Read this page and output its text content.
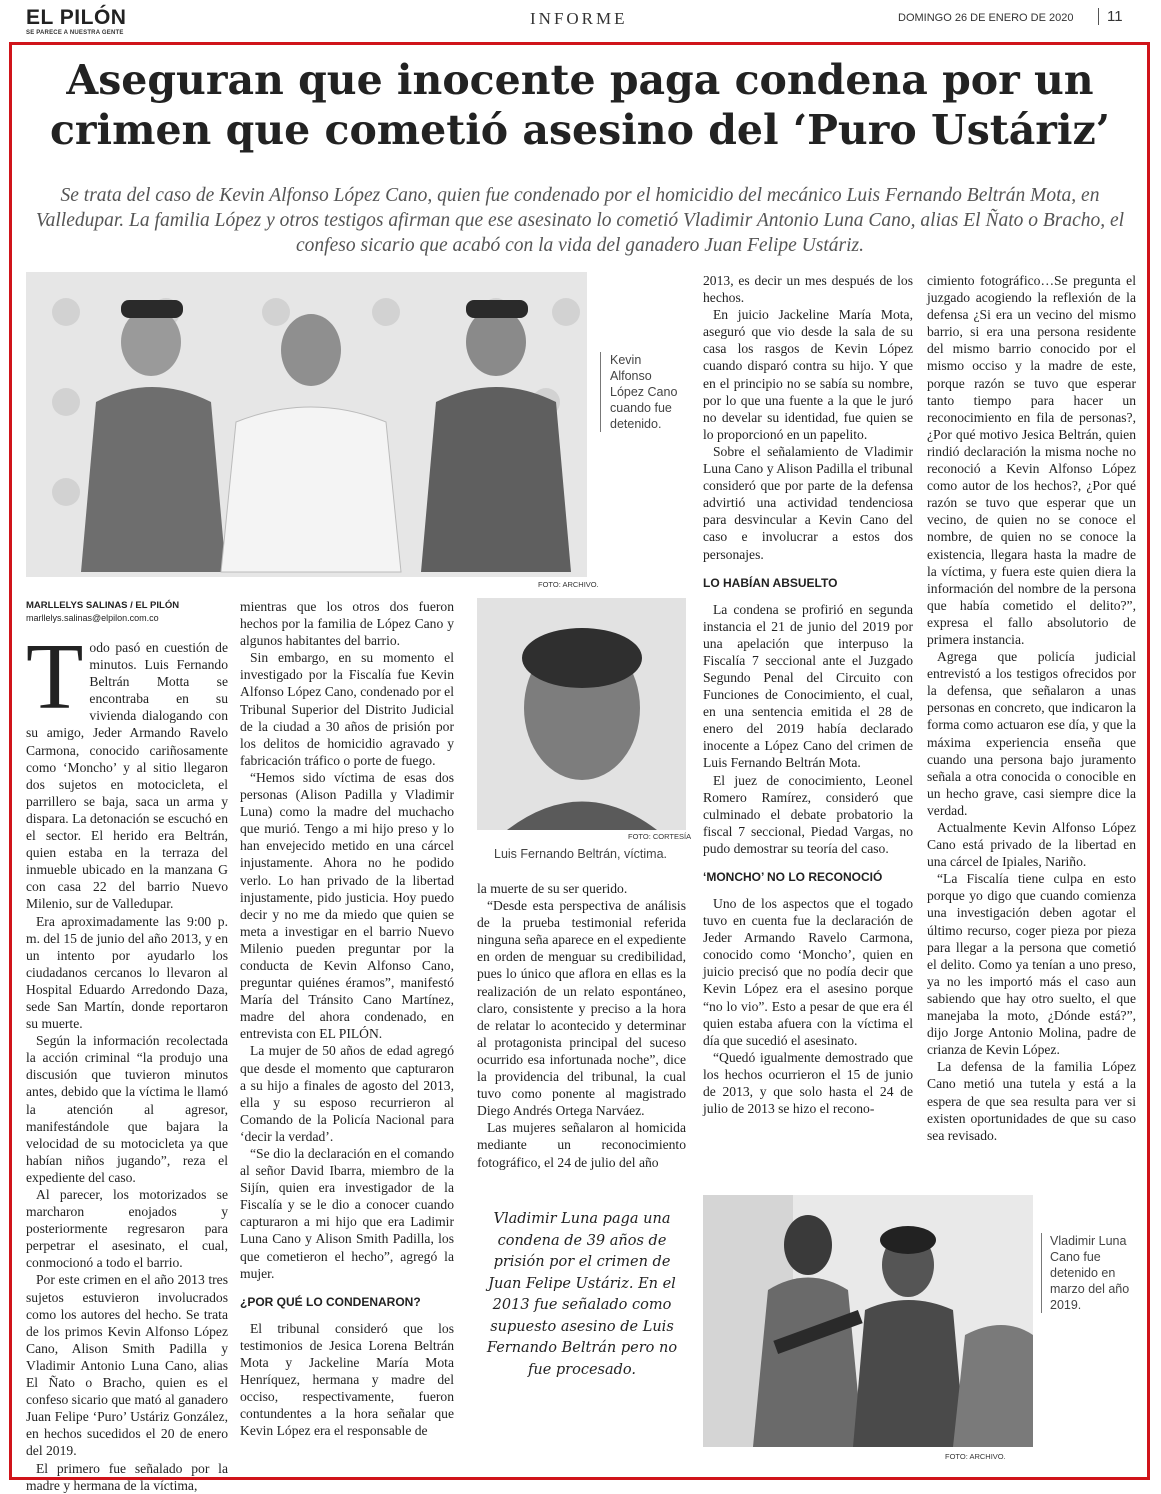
EL PILÓN
SE PARECE A NUESTRA GENTE
INFORME	DOMINGO 26 DE ENERO DE 2020	11
Aseguran que inocente paga condena por un crimen que cometió asesino del ‘Puro Ustáriz’
Se trata del caso de Kevin Alfonso López Cano, quien fue condenado por el homicidio del mecánico Luis Fernando Beltrán Mota, en Valledupar. La familia López y otros testigos afirman que ese asesinato lo cometió Vladimir Antonio Luna Cano, alias El Ñato o Bracho, el confeso sicario que acabó con la vida del ganadero Juan Felipe Ustáriz.
FOTO: ARCHIVO.
Kevin Alfonso López Cano cuando fue detenido.
MARLLELYS SALINAS / EL PILÓN
marllelys.salinas@elpilon.com.co
T odo pasó en cuestión de minutos. Luis Fernando Beltrán Motta se encontraba en su vivienda dialogando con su amigo, Jeder Armando Ravelo Carmona, conocido cariñosamente como ‘Moncho’ y al sitio llegaron dos sujetos en motocicleta, el parrillero se baja, saca un arma y dispara. La detonación se escuchó en el sector. El herido era Beltrán, quien estaba en la terraza del inmueble ubicado en la manzana G con casa 22 del barrio Nuevo Milenio, sur de Valledupar.

Era aproximadamente las 9:00 p. m. del 15 de junio del año 2013, y en un intento por ayudarlo los ciudadanos cercanos lo llevaron al Hospital Eduardo Arredondo Daza, sede San Martín, donde reportaron su muerte.

Según la información recolectada la acción criminal “la produjo una discusión que tuvieron minutos antes, debido que la víctima le llamó la atención al agresor, manifestándole que bajara la velocidad de su motocicleta ya que habían niños jugando”, reza el expediente del caso.

Al parecer, los motorizados se marcharon enojados y posteriormente regresaron para perpetrar el asesinato, el cual, conmocionó a todo el barrio.

Por este crimen en el año 2013 tres sujetos estuvieron involucrados como los autores del hecho. Se trata de los primos Kevin Alfonso López Cano, Alison Smith Padilla y Vladimir Antonio Luna Cano, alias El Ñato o Bracho, quien es el confeso sicario que mató al ganadero Juan Felipe ‘Puro’ Ustáriz González, en hechos sucedidos el 20 de enero del 2019.

El primero fue señalado por la madre y hermana de la víctima,

mientras que los otros dos fueron hechos por la familia de López Cano y algunos habitantes del barrio.

Sin embargo, en su momento el investigado por la Fiscalía fue Kevin Alfonso López Cano, condenado por el Tribunal Superior del Distrito Judicial de la ciudad a 30 años de prisión por los delitos de homicidio agravado y fabricación tráfico o porte de fuego.

“Hemos sido víctima de esas dos personas (Alison Padilla y Vladimir Luna) como la madre del muchacho que murió. Tengo a mi hijo preso y lo han envejecido metido en una cárcel injustamente. Ahora no he podido verlo. Lo han privado de la libertad injustamente, pido justicia. Hoy puedo decir y no me da miedo que quien se meta a investigar en el barrio Nuevo Milenio pueden preguntar por la conducta de Kevin Alfonso Cano, preguntar quiénes éramos”, manifestó María del Tránsito Cano Martínez, madre del ahora condenado, en entrevista con EL PILÓN.

La mujer de 50 años de edad agregó que desde el momento que capturaron a su hijo a finales de agosto del 2013, ella y su esposo recurrieron al Comando de la Policía Nacional para ‘decir la verdad’.

“Se dio la declaración en el comando al señor David Ibarra, miembro de la Sijín, quien era investigador de la Fiscalía y se le dio a conocer cuando capturaron a mi hijo que era Ladimir Luna Cano y Alison Smith Padilla, los que cometieron el hecho”, agregó la mujer.

¿POR QUÉ LO CONDENARON?

El tribunal consideró que los testimonios de Jesica Lorena Beltrán Mota y Jackeline María Mota Henríquez, hermana y madre del occiso, respectivamente, fueron contundentes a la hora señalar que Kevin López era el responsable de

FOTO: CORTESÍA
Luis Fernando Beltrán, víctima.

la muerte de su ser querido.

“Desde esta perspectiva de análisis de la prueba testimonial referida ninguna seña aparece en el expediente en orden de menguar su credibilidad, pues lo único que aflora en ellas es la realización de un relato espontáneo, claro, consistente y preciso a la hora de relatar lo acontecido y determinar al protagonista principal del suceso ocurrido esa infortunada noche”, dice la providencia del tribunal, la cual tuvo como ponente al magistrado Diego Andrés Ortega Narváez.

Las mujeres señalaron al homicida mediante un reconocimiento fotográfico, el 24 de julio del año

Vladimir Luna paga una condena de 39 años de prisión por el crimen de Juan Felipe Ustáriz. En el 2013 fue señalado como supuesto asesino de Luis Fernando Beltrán pero no fue procesado.

2013, es decir un mes después de los hechos.

En juicio Jackeline María Mota, aseguró que vio desde la sala de su casa los rasgos de Kevin López cuando disparó contra su hijo. Y que en el principio no se sabía su nombre, por lo que una fuente a la que le juró no develar su identidad, fue quien se lo proporcionó en un papelito.

Sobre el señalamiento de Vladimir Luna Cano y Alison Padilla el tribunal consideró que por parte de la defensa advirtió una actividad tendenciosa para desvincular a Kevin Cano del caso e involucrar a estos dos personajes.

LO HABÍAN ABSUELTO

La condena se profirió en segunda instancia el 21 de junio del 2019 por una apelación que interpuso la Fiscalía 7 seccional ante el Juzgado Segundo Penal del Circuito con Funciones de Conocimiento, el cual, en una sentencia emitida el 28 de enero del 2019 había declarado inocente a López Cano del crimen de Luis Fernando Beltrán Mota.

El juez de conocimiento, Leonel Romero Ramírez, consideró que culminado el debate probatorio la fiscal 7 seccional, Piedad Vargas, no pudo demostrar su teoría del caso.

‘MONCHO’ NO LO RECONOCIÓ

Uno de los aspectos que el togado tuvo en cuenta fue la declaración de Jeder Armando Ravelo Carmona, conocido como ‘Moncho’, quien en juicio precisó que no podía decir que Kevin López era el asesino porque “no lo vio”. Esto a pesar de que era él quien estaba afuera con la víctima el día que sucedió el asesinato.

“Quedó igualmente demostrado que los hechos ocurrieron el 15 de junio de 2013, y que solo hasta el 24 de julio de 2013 se hizo el recono-

cimiento fotográfico…Se pregunta el juzgado acogiendo la reflexión de la defensa ¿Si era un vecino del mismo barrio, si era una persona residente del mismo barrio conocido por el mismo occiso y la madre de este, porque razón se tuvo que esperar tanto tiempo para hacer un reconocimiento en fila de personas?, ¿Por qué motivo Jesica Beltrán, quien rindió declaración la misma noche no reconoció a Kevin Alfonso López como autor de los hechos?, ¿Por qué razón se tuvo que esperar que un vecino, de quien no se conoce el nombre, de quien no se conoce la existencia, llegara hasta la madre de la víctima, y fuera este quien diera la información del nombre de la persona que había cometido el delito?”, expresa el fallo absolutorio de primera instancia.

Agrega que policía judicial entrevistó a los testigos ofrecidos por la defensa, que señalaron a unas personas en concreto, que indicaron la forma como actuaron ese día, y que la máxima experiencia enseña que cuando una persona bajo juramento señala a otra conocida o conocible en un hecho grave, casi siempre dice la verdad.

Actualmente Kevin Alfonso López Cano está privado de la libertad en una cárcel de Ipiales, Nariño.

“La Fiscalía tiene culpa en esto porque yo digo que cuando comienza una investigación deben agotar el último recurso, coger pieza por pieza para llegar a la persona que cometió el delito. Como ya tenían a uno preso, ya no les importó más el caso aun sabiendo que hay otro suelto, el que manejaba la moto, ¿Dónde está?”, dijo Jorge Antonio Molina, padre de crianza de Kevin López.

La defensa de la familia López Cano metió una tutela y está a la espera de que sea resulta para ver si existen oportunidades de que su caso sea revisado.

FOTO: ARCHIVO.
Vladimir Luna Cano fue detenido en marzo del año 2019.
